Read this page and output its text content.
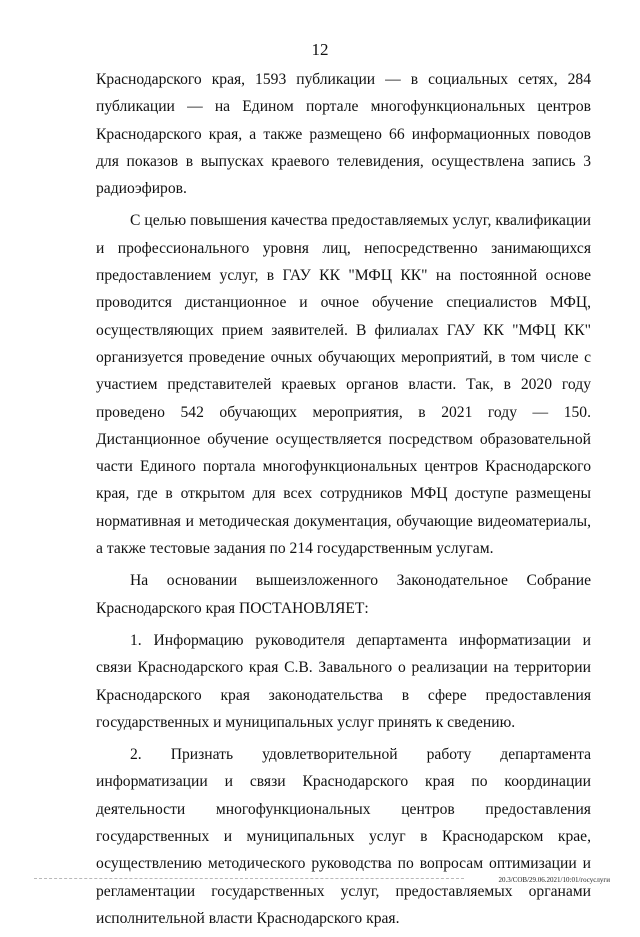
12

Краснодарского края, 1593 публикации — в социальных сетях, 284 публикации — на Едином портале многофункциональных центров Краснодарского края, а также размещено 66 информационных поводов для показов в выпусках краевого телевидения, осуществлена запись 3 радиоэфиров.

С целью повышения качества предоставляемых услуг, квалификации и профессионального уровня лиц, непосредственно занимающихся предоставлением услуг, в ГАУ КК "МФЦ КК" на постоянной основе проводится дистанционное и очное обучение специалистов МФЦ, осуществляющих прием заявителей. В филиалах ГАУ КК "МФЦ КК" организуется проведение очных обучающих мероприятий, в том числе с участием представителей краевых органов власти. Так, в 2020 году проведено 542 обучающих мероприятия, в 2021 году — 150. Дистанционное обучение осуществляется посредством образовательной части Единого портала многофункциональных центров Краснодарского края, где в открытом для всех сотрудников МФЦ доступе размещены нормативная и методическая документация, обучающие видеоматериалы, а также тестовые задания по 214 государственным услугам.

На основании вышеизложенного Законодательное Собрание Краснодарского края ПОСТАНОВЛЯЕТ:

1. Информацию руководителя департамента информатизации и связи Краснодарского края С.В. Завального о реализации на территории Краснодарского края законодательства в сфере предоставления государственных и муниципальных услуг принять к сведению.

2. Признать удовлетворительной работу департамента информатизации и связи Краснодарского края по координации деятельности многофункциональных центров предоставления государственных и муниципальных услуг в Краснодарском крае, осуществлению методического руководства по вопросам оптимизации и регламентации государственных услуг, предоставляемых органами исполнительной власти Краснодарского края.

20.3/СОВ/29.06.2021/10:01/госуслуги
